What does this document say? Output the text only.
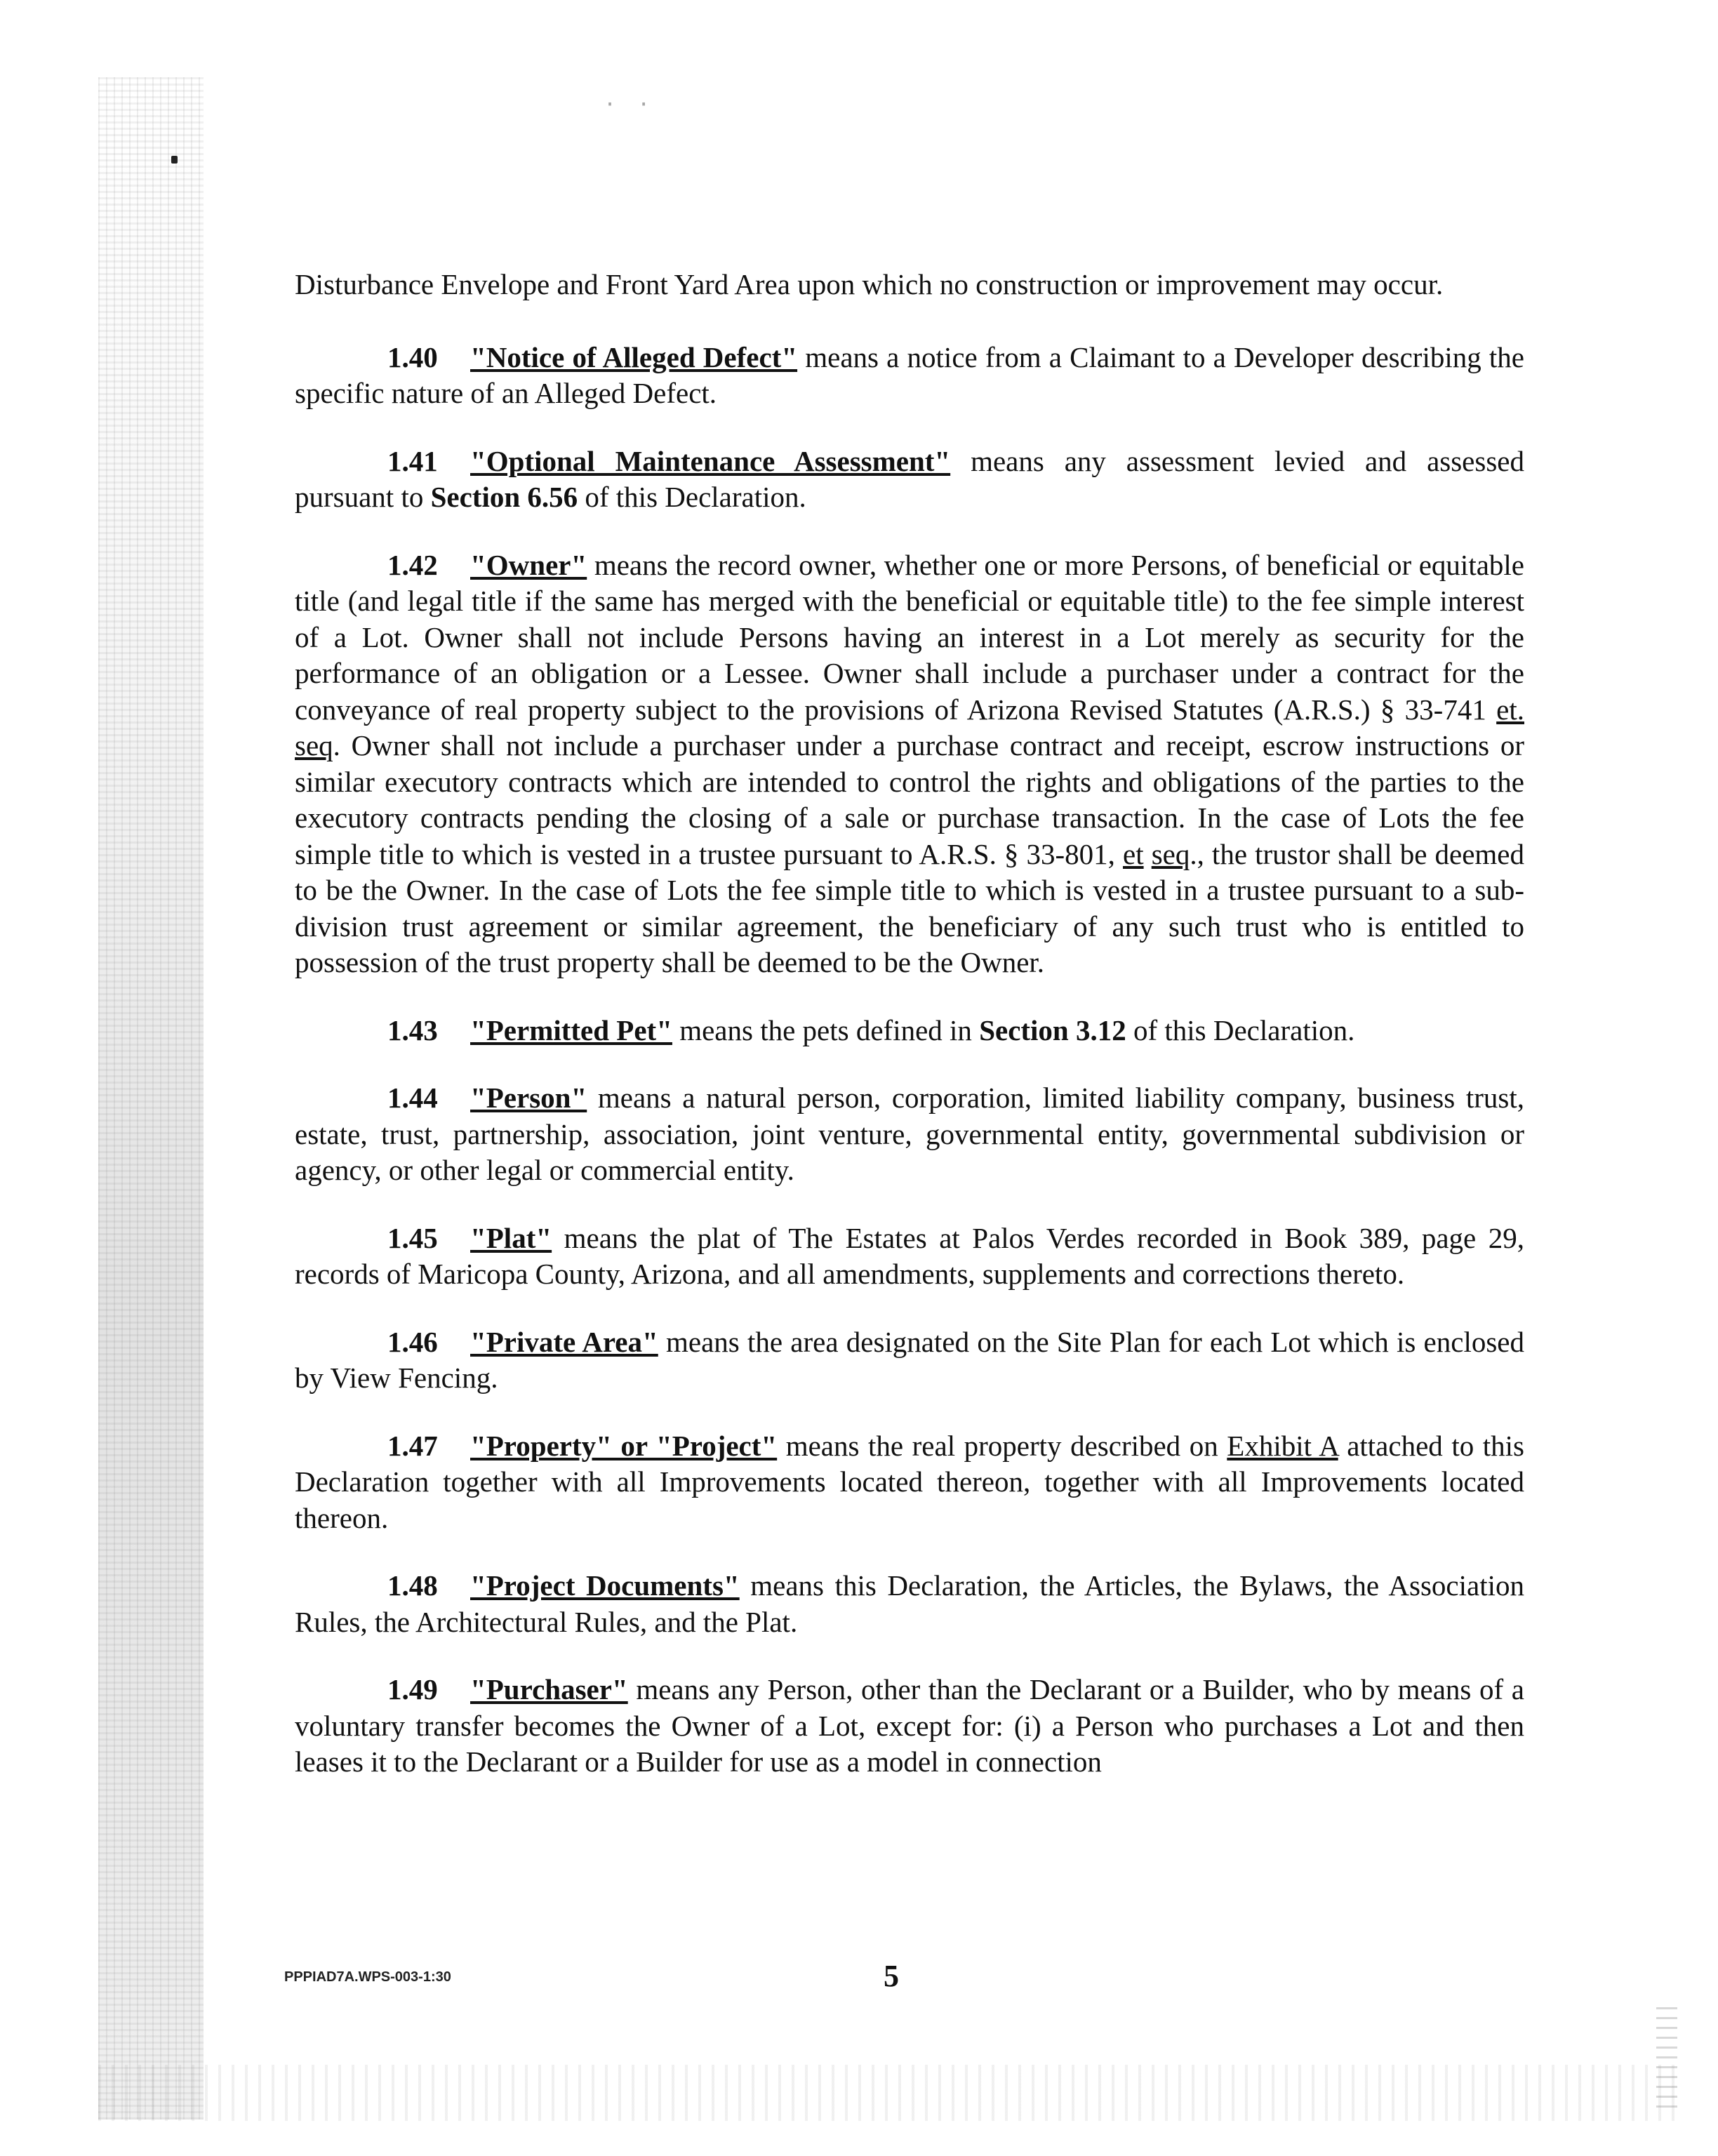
· ·

Disturbance Envelope and Front Yard Area upon which no construction or improvement may occur.

1.40 "Notice of Alleged Defect" means a notice from a Claimant to a Developer describing the specific nature of an Alleged Defect.

1.41 "Optional Maintenance Assessment" means any assessment levied and assessed pursuant to Section 6.56 of this Declaration.

1.42 "Owner" means the record owner, whether one or more Persons, of beneficial or equitable title (and legal title if the same has merged with the beneficial or equitable title) to the fee simple interest of a Lot. Owner shall not include Persons having an interest in a Lot merely as security for the performance of an obligation or a Lessee. Owner shall include a purchaser under a contract for the conveyance of real property subject to the provisions of Arizona Revised Statutes (A.R.S.) § 33-741 et. seq. Owner shall not include a purchaser under a purchase contract and receipt, escrow instructions or similar executory contracts which are intended to control the rights and obligations of the parties to the executory contracts pending the closing of a sale or purchase transaction. In the case of Lots the fee simple title to which is vested in a trustee pursuant to A.R.S. § 33-801, et seq., the trustor shall be deemed to be the Owner. In the case of Lots the fee simple title to which is vested in a trustee pursuant to a sub-division trust agreement or similar agreement, the beneficiary of any such trust who is entitled to possession of the trust property shall be deemed to be the Owner.

1.43 "Permitted Pet" means the pets defined in Section 3.12 of this Declaration.

1.44 "Person" means a natural person, corporation, limited liability company, business trust, estate, trust, partnership, association, joint venture, governmental entity, governmental subdivision or agency, or other legal or commercial entity.

1.45 "Plat" means the plat of The Estates at Palos Verdes recorded in Book 389, page 29, records of Maricopa County, Arizona, and all amendments, supplements and corrections thereto.

1.46 "Private Area" means the area designated on the Site Plan for each Lot which is enclosed by View Fencing.

1.47 "Property" or "Project" means the real property described on Exhibit A attached to this Declaration together with all Improvements located thereon, together with all Improvements located thereon.

1.48 "Project Documents" means this Declaration, the Articles, the Bylaws, the Association Rules, the Architectural Rules, and the Plat.

1.49 "Purchaser" means any Person, other than the Declarant or a Builder, who by means of a voluntary transfer becomes the Owner of a Lot, except for: (i) a Person who purchases a Lot and then leases it to the Declarant or a Builder for use as a model in connection

PPPIAD7A.WPS-003-1:30	5
